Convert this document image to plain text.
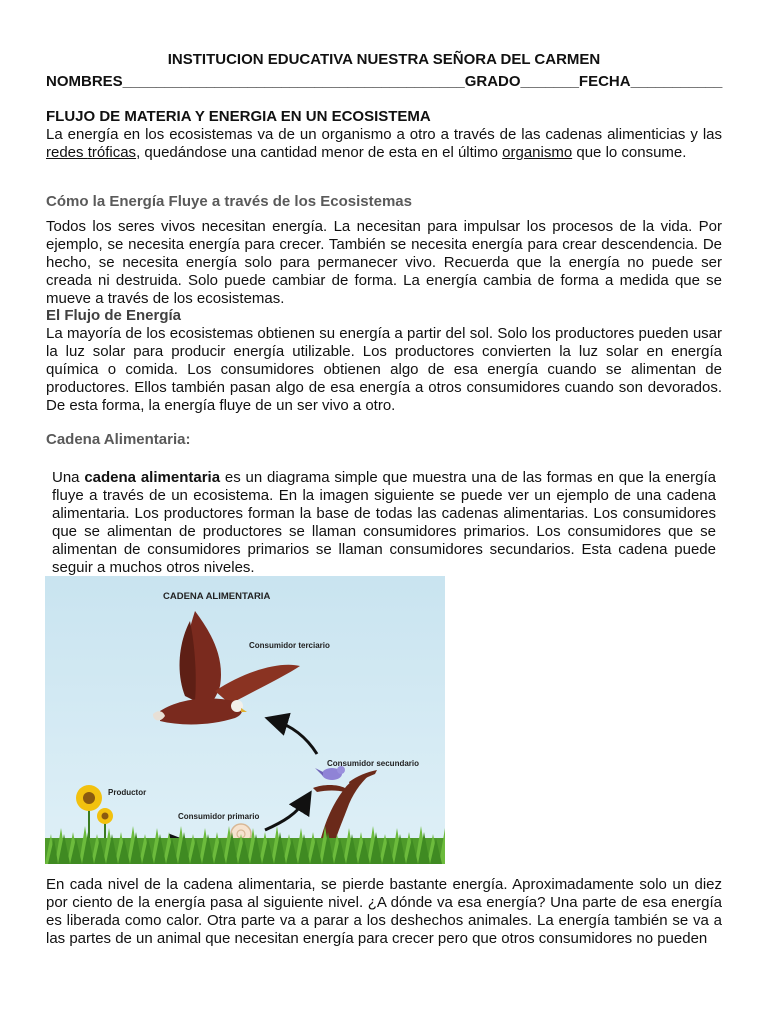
INSTITUCION EDUCATIVA NUESTRA SEÑORA DEL CARMEN
NOMBRES_________________________________________GRADO_______FECHA___________
FLUJO DE MATERIA Y ENERGIA EN UN ECOSISTEMA
La energía en los ecosistemas va de un organismo a otro a través de las cadenas alimenticias y las redes tróficas, quedándose una cantidad menor de esta en el último organismo que lo consume.
Cómo la Energía Fluye a través de los Ecosistemas
Todos los seres vivos necesitan energía. La necesitan para impulsar los procesos de la vida. Por ejemplo, se necesita energía para crecer. También se necesita energía para crear descendencia. De hecho, se necesita energía solo para permanecer vivo. Recuerda que la energía no puede ser creada ni destruida. Solo puede cambiar de forma. La energía cambia de forma a medida que se mueve a través de los ecosistemas.
El Flujo de Energía
La mayoría de los ecosistemas obtienen su energía a partir del sol. Solo los productores pueden usar la luz solar para producir energía utilizable. Los productores convierten la luz solar en energía química o comida. Los consumidores obtienen algo de esa energía cuando se alimentan de productores. Ellos también pasan algo de esa energía a otros consumidores cuando son devorados. De esta forma, la energía fluye de un ser vivo a otro.
Cadena Alimentaria:
Una cadena alimentaria es un diagrama simple que muestra una de las formas en que la energía fluye a través de un ecosistema. En la imagen siguiente se puede ver un ejemplo de una cadena alimentaria. Los productores forman la base de todas las cadenas alimentarias. Los consumidores que se alimentan de productores se llaman consumidores primarios. Los consumidores que se alimentan de consumidores primarios se llaman consumidores secundarios. Esta cadena puede seguir a muchos otros niveles.
CADENA ALIMENTARIA
Consumidor terciario
Consumidor secundario
Productor
Consumidor primario
En cada nivel de la cadena alimentaria, se pierde bastante energía. Aproximadamente solo un diez por ciento de la energía pasa al siguiente nivel. ¿A dónde va esa energía? Una parte de esa energía es liberada como calor. Otra parte va a parar a los deshechos animales. La energía también se va a las partes de un animal que necesitan energía para crecer pero que otros consumidores no pueden
